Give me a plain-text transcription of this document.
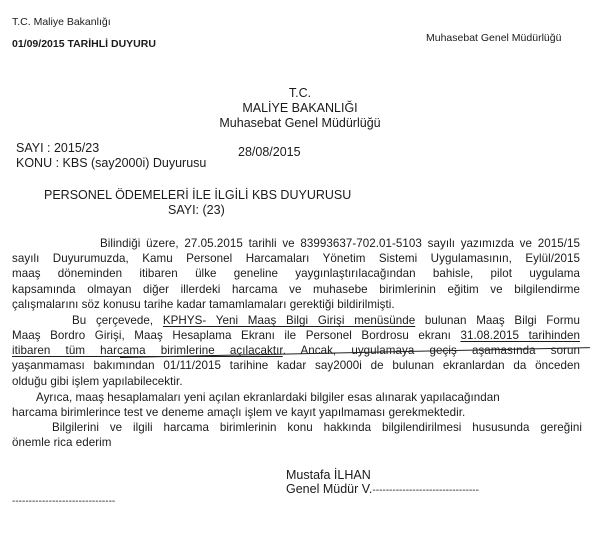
T.C. Maliye Bakanlığı
01/09/2015 TARİHLİ DUYURU	Muhasebat Genel Müdürlüğü
T.C.
MALİYE BAKANLIĞI
Muhasebat Genel Müdürlüğü
SAYI : 2015/23	28/08/2015
KONU : KBS (say2000i) Duyurusu
PERSONEL ÖDEMELERİ İLE İLGİLİ KBS DUYURUSU
SAYI: (23)
Bilindiği üzere, 27.05.2015 tarihli ve 83993637-702.01-5103 sayılı yazımızda ve 2015/15
sayılı Duyurumuzda, Kamu Personel Harcamaları Yönetim Sistemi Uygulamasının, Eylül/2015
maaş döneminden itibaren ülke geneline yaygınlaştırılacağından bahisle, pilot uygulama
kapsamında olmayan diğer illerdeki harcama ve muhasebe birimlerinin eğitim ve bilgilendirme
çalışmalarını söz konusu tarihe kadar tamamlamaları gerektiği bildirilmişti.
Bu çerçevede, KPHYS- Yeni Maaş Bilgi Girişi menüsünde bulunan Maaş Bilgi Formu
Maaş Bordro Girişi, Maaş Hesaplama Ekranı ile Personel Bordrosu ekranı 31.08.2015 tarihinden
itibaren tüm harcama birimlerine açılacaktır. Ancak, uygulamaya geçiş aşamasında sorun
yaşanmaması bakımından 01/11/2015 tarihine kadar say2000i de bulunan ekranlardan da önceden
olduğu gibi işlem yapılabilecektir.
Ayrıca, maaş hesaplamaları yeni açılan ekranlardaki bilgiler esas alınarak yapılacağından
harcama birimlerince test ve deneme amaçlı işlem ve kayıt yapılmaması gerekmektedir.
Bilgilerini ve ilgili harcama birimlerinin konu hakkında bilgilendirilmesi hususunda gereğini
önemle rica ederim
Mustafa İLHAN
Genel Müdür V.--------------------------------
-------------------------------
